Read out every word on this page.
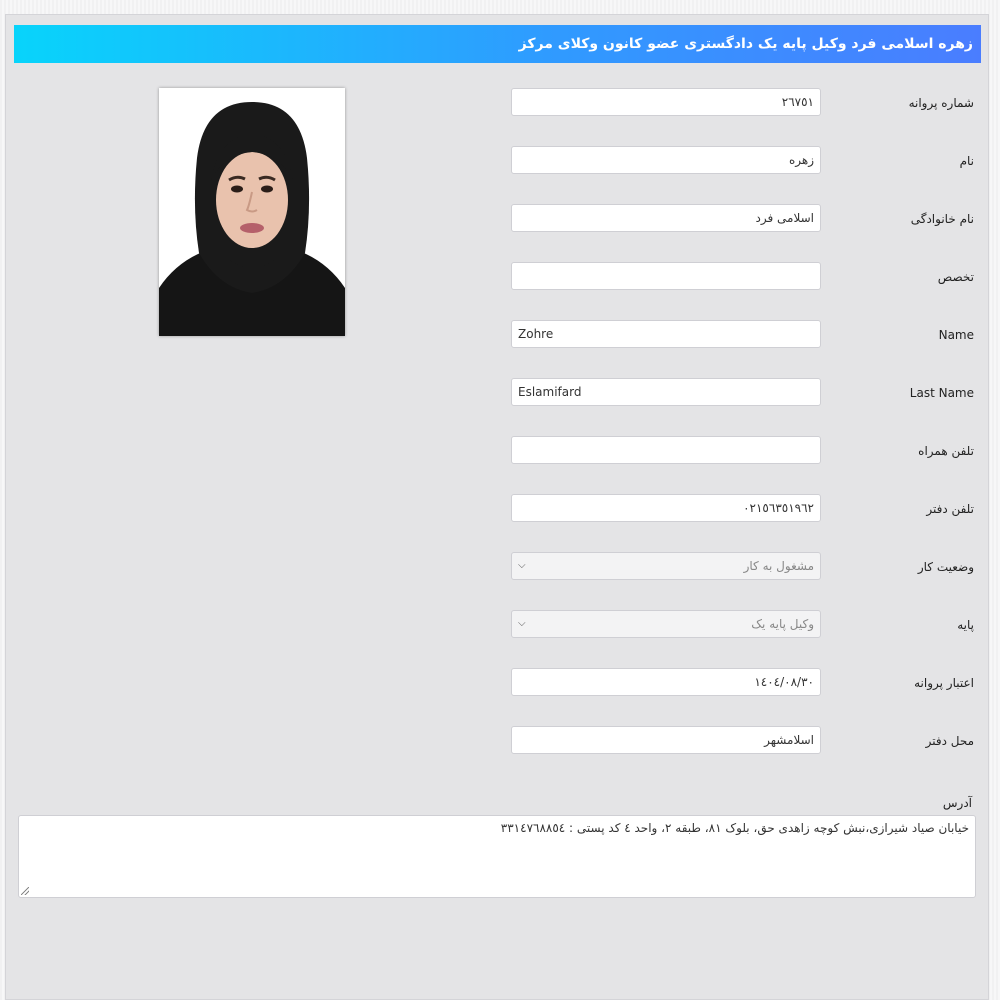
زهره اسلامی فرد وکیل پایه یک دادگستری عضو کانون وکلای مرکز
شماره پروانه
٢٦٧٥١
نام
زهره
نام خانوادگی
اسلامی فرد
تخصص
Name
Zohre
Last Name
Eslamifard
تلفن همراه
تلفن دفتر
٠٢١٥٦٣٥١٩٦٢
وضعیت کار
⌵	مشغول به کار
پایه
⌵	وکیل پایه یک
اعتبار پروانه
١٤٠٤/٠٨/٣٠
محل دفتر
اسلامشهر
آدرس
خیابان صیاد شیرازی،نبش کوچه زاهدی حق، بلوک ٨١، طبقه ٢، واحد ٤ کد پستی : ٣٣١٤٧٦٨٨٥٤
